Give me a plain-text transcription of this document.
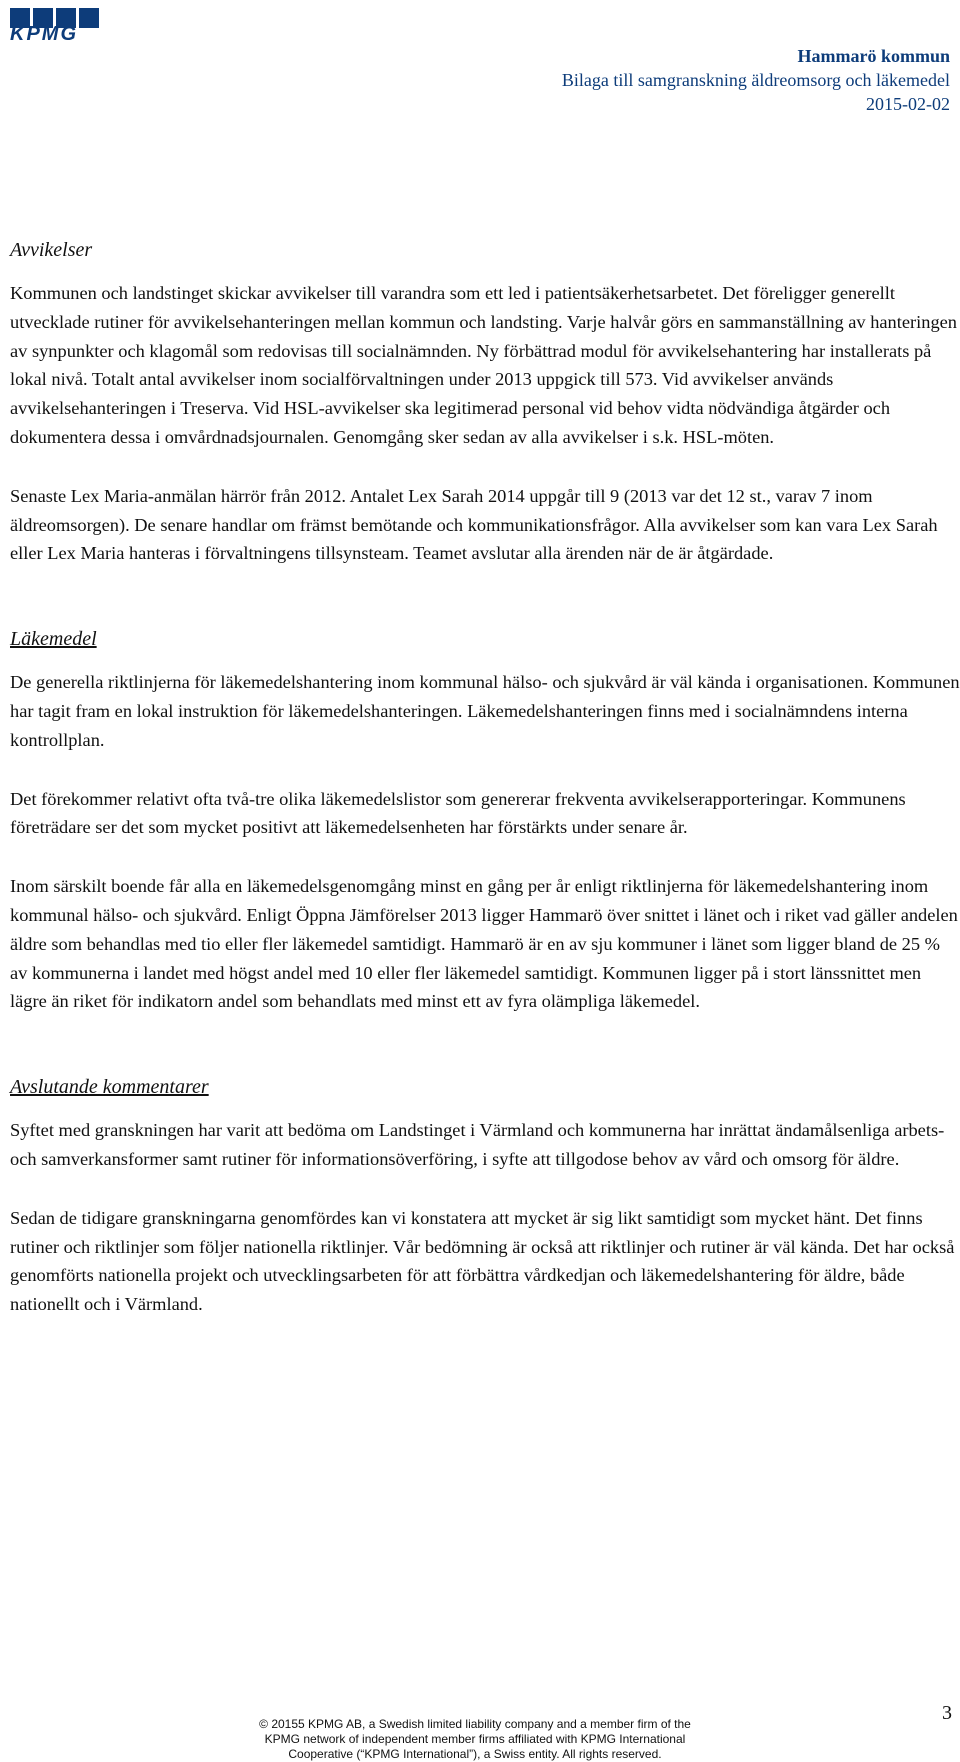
KPMG
Hammarö kommun
Bilaga till samgranskning äldreomsorg och läkemedel
2015-02-02
Avvikelser

Kommunen och landstinget skickar avvikelser till varandra som ett led i patientsäkerhetsarbetet. Det föreligger generellt utvecklade rutiner för avvikelsehanteringen mellan kommun och landsting. Varje halvår görs en sammanställning av hanteringen av synpunkter och klagomål som redovisas till socialnämnden. Ny förbättrad modul för avvikelsehantering har installerats på lokal nivå. Totalt antal avvikelser inom socialförvaltningen under 2013 uppgick till 573. Vid avvikelser används avvikelsehanteringen i Treserva. Vid HSL-avvikelser ska legitimerad personal vid behov vidta nödvändiga åtgärder och dokumentera dessa i omvårdnadsjournalen. Genomgång sker sedan av alla avvikelser i s.k. HSL-möten.

Senaste Lex Maria-anmälan härrör från 2012. Antalet Lex Sarah 2014 uppgår till 9 (2013 var det 12 st., varav 7 inom äldreomsorgen). De senare handlar om främst bemötande och kommunikationsfrågor. Alla avvikelser som kan vara Lex Sarah eller Lex Maria hanteras i förvaltningens tillsynsteam. Teamet avslutar alla ärenden när de är åtgärdade.

Läkemedel

De generella riktlinjerna för läkemedelshantering inom kommunal hälso- och sjukvård är väl kända i organisationen. Kommunen har tagit fram en lokal instruktion för läkemedelshanteringen. Läkemedelshanteringen finns med i socialnämndens interna kontrollplan.

Det förekommer relativt ofta två-tre olika läkemedelslistor som genererar frekventa avvikelserapporteringar. Kommunens företrädare ser det som mycket positivt att läkemedelsenheten har förstärkts under senare år.

Inom särskilt boende får alla en läkemedelsgenomgång minst en gång per år enligt riktlinjerna för läkemedelshantering inom kommunal hälso- och sjukvård. Enligt Öppna Jämförelser 2013 ligger Hammarö över snittet i länet och i riket vad gäller andelen äldre som behandlas med tio eller fler läkemedel samtidigt. Hammarö är en av sju kommuner i länet som ligger bland de 25 % av kommunerna i landet med högst andel med 10 eller fler läkemedel samtidigt. Kommunen ligger på i stort länssnittet men lägre än riket för indikatorn andel som behandlats med minst ett av fyra olämpliga läkemedel.

Avslutande kommentarer

Syftet med granskningen har varit att bedöma om Landstinget i Värmland och kommunerna har inrättat ändamålsenliga arbets- och samverkansformer samt rutiner för informationsöverföring, i syfte att tillgodose behov av vård och omsorg för äldre.

Sedan de tidigare granskningarna genomfördes kan vi konstatera att mycket är sig likt samtidigt som mycket hänt. Det finns rutiner och riktlinjer som följer nationella riktlinjer. Vår bedömning är också att riktlinjer och rutiner är väl kända. Det har också genomförts nationella projekt och utvecklingsarbeten för att förbättra vårdkedjan och läkemedelshantering för äldre, både nationellt och i Värmland.

3
© 20155 KPMG AB, a Swedish limited liability company and a member firm of the
KPMG network of independent member firms affiliated with KPMG International
Cooperative (“KPMG International”), a Swiss entity. All rights reserved.
